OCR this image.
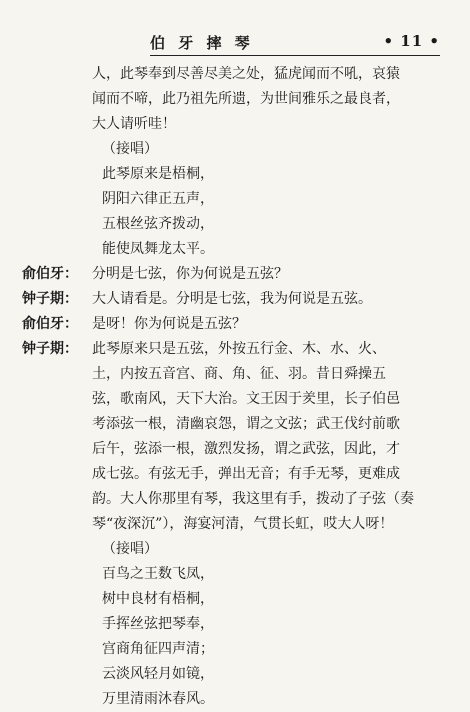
伯 牙 摔 琴	• 11 •
人，此琴奉到尽善尽美之处，猛虎闻而不吼，哀猿
闻而不啼，此乃祖先所遗，为世间雅乐之最良者，
大人请听哇！
（接唱）
此琴原来是梧桐，
阴阳六律正五声，
五根丝弦齐拨动，
能使凤舞龙太平。
俞伯牙： 分明是七弦，你为何说是五弦？
钟子期： 大人请看是。分明是七弦，我为何说是五弦。
俞伯牙： 是呀！你为何说是五弦？
钟子期： 此琴原来只是五弦，外按五行金、木、水、火、
土，内按五音宫、商、角、征、羽。昔日舜操五
弦，歌南风，天下大治。文王因于羑里，长子伯邑
考添弦一根，清幽哀怨，谓之文弦；武王伐纣前歌
后午，弦添一根，激烈发扬，谓之武弦，因此，才
成七弦。有弦无手，弹出无音；有手无琴，更难成
韵。大人你那里有琴，我这里有手，拨动了子弦（奏
琴“夜深沉”），海宴河清，气贯长虹，哎大人呀！
（接唱）
百鸟之王数飞凤，
树中良材有梧桐，
手挥丝弦把琴奉，
宫商角征四声清；
云淡风轻月如镜，
万里清雨沐春风。
